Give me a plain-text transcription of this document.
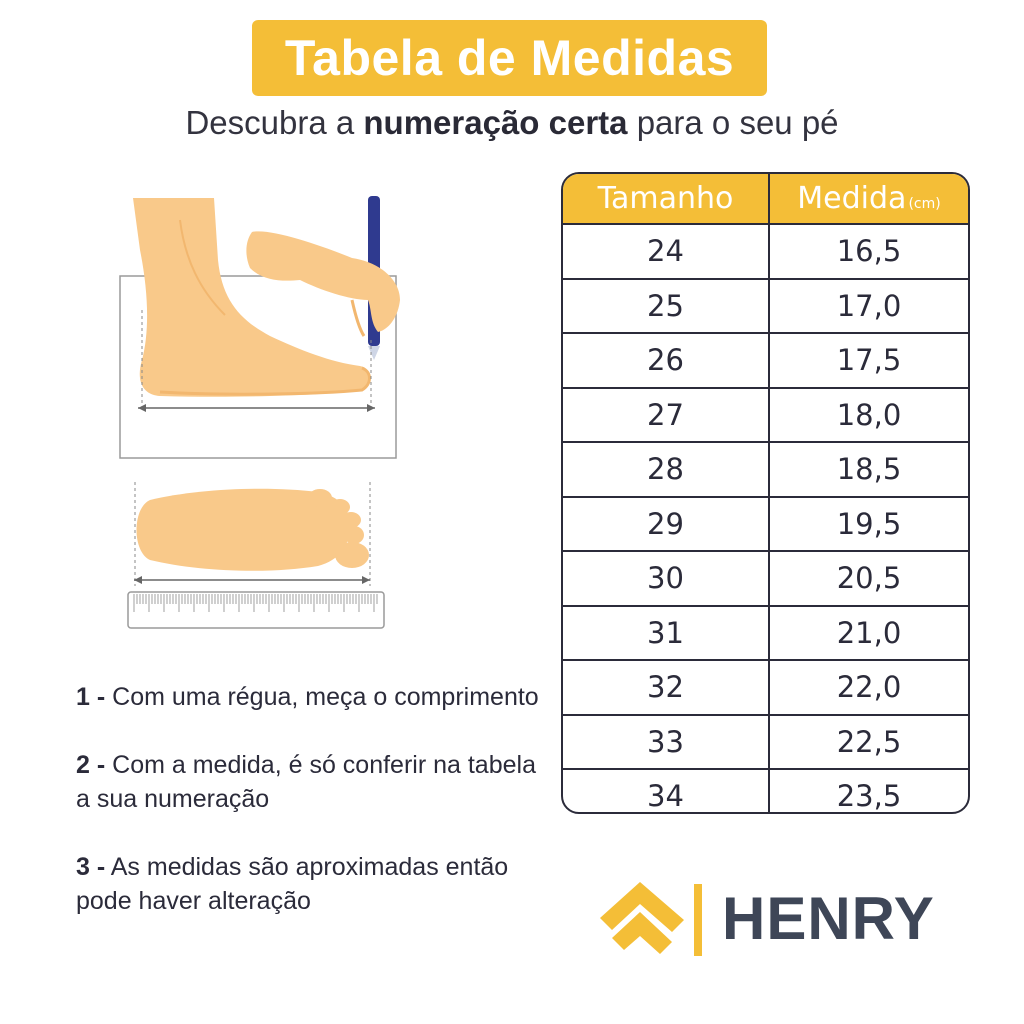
Tabela de Medidas
Descubra a numeração certa para o seu pé
Tamanho	Medida (cm)
24	16,5
25	17,0
26	17,5
27	18,0
28	18,5
29	19,5
30	20,5
31	21,0
32	22,0
33	22,5
34	23,5
1 - Com uma régua, meça o comprimento
2 - Com a medida, é só conferir na tabela a sua numeração
3 - As medidas são aproximadas então pode haver alteração	HENRY
